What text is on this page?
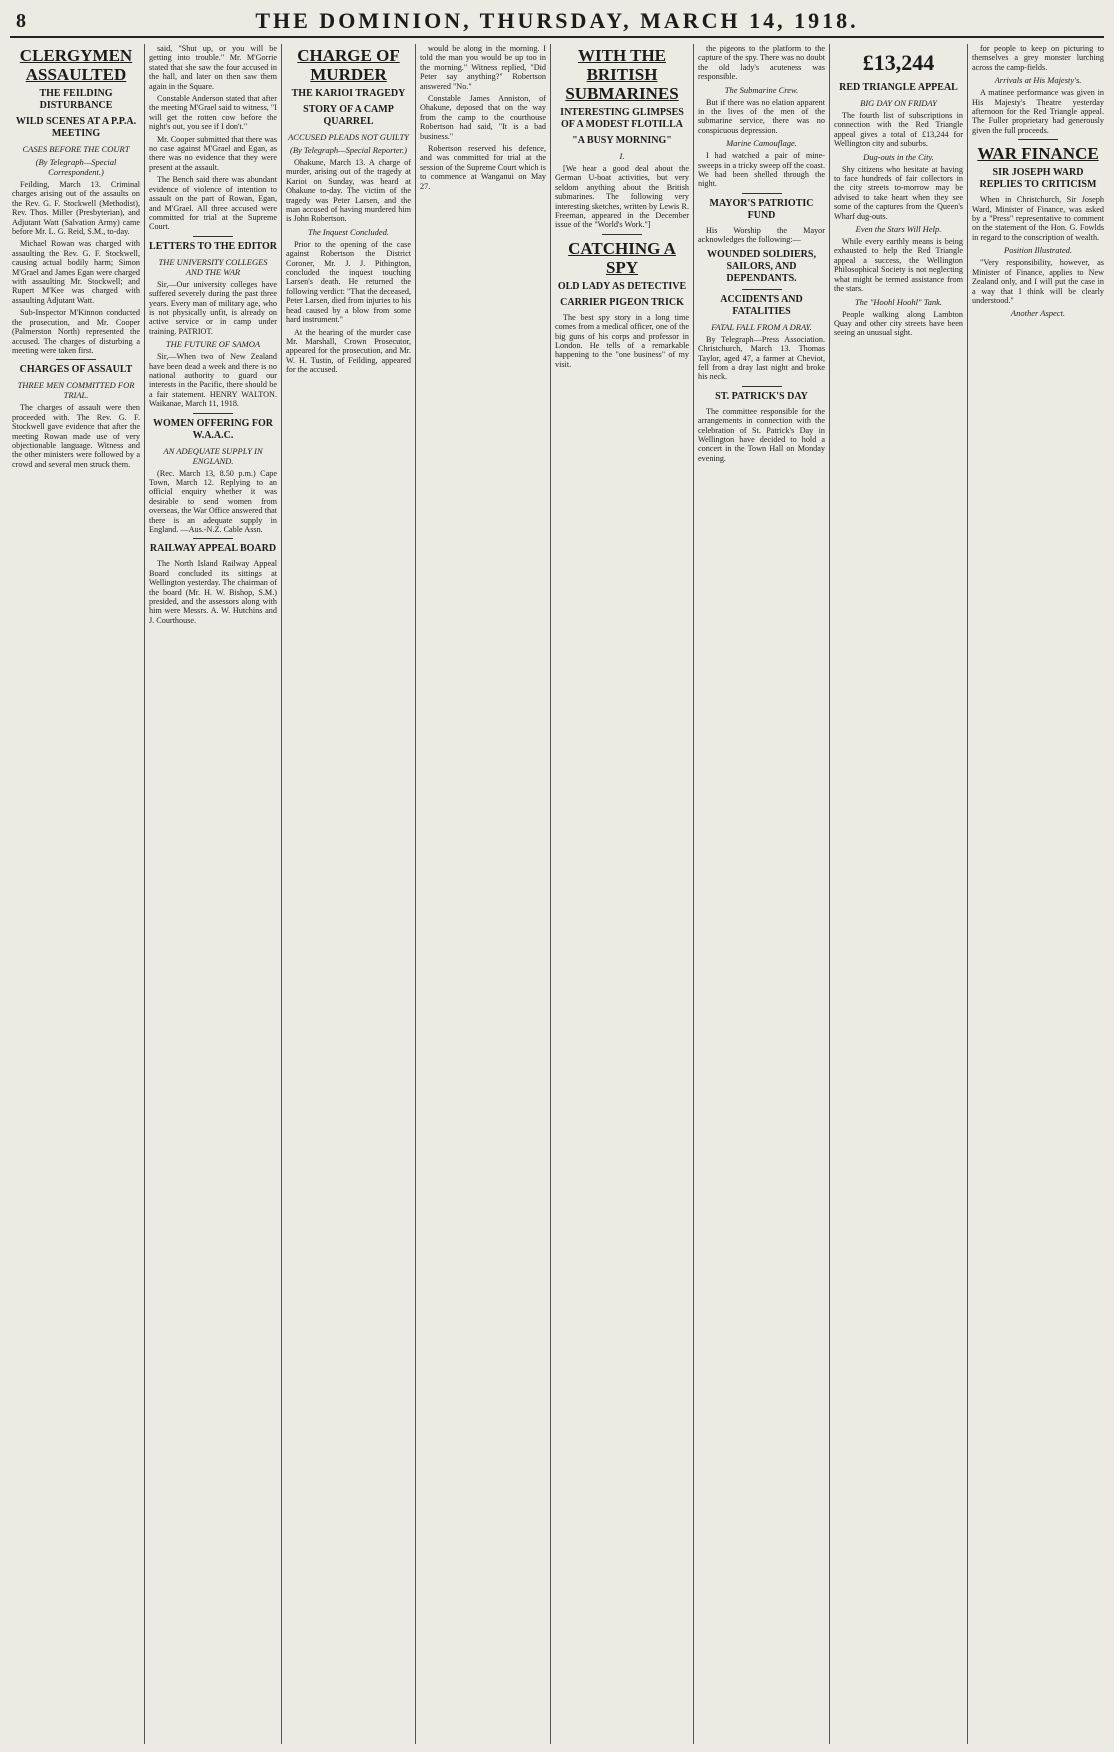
8	THE DOMINION, THURSDAY, MARCH 14, 1918.
CLERGYMEN ASSAULTED
THE FEILDING DISTURBANCE
WILD SCENES AT A P.P.A. MEETING
CASES BEFORE THE COURT
(By Telegraph—Special Correspondent.)

Feilding, March 13. Criminal charges arising out of the assaults on the Rev. G. F. Stockwell (Methodist), Rev. Thos. Miller (Presbyterian), and Adjutant Watt (Salvation Army) came before Mr. L. G. Reid, S.M., to-day.

Michael Rowan was charged with assaulting the Rev. G. F. Stockwell, causing actual bodily harm; Simon M'Grael and James Egan were charged with assaulting Mr. Stockwell; and Rupert M'Kee was charged with assaulting Adjutant Watt.

Sub-Inspector M'Kinnon conducted the prosecution, and Mr. Cooper (Palmerston North) represented the accused. The charges of disturbing a meeting were taken first.

CHARGES OF ASSAULT
THREE MEN COMMITTED FOR TRIAL.

The charges of assault were then proceeded with. The Rev. G. F. Stockwell gave evidence that after the meeting Rowan made use of very objectionable language. Witness and the other ministers were followed by a crowd and several men struck them.

said, "Shut up, or you will be getting into trouble." Mr. M'Gorrie stated that she saw the four accused in the hall, and later on then saw them again in the Square.

Constable Anderson stated that after the meeting M'Grael said to witness, "I will get the rotten cow before the night's out, you see if I don't."

Mr. Cooper submitted that there was no case against M'Grael and Egan, as there was no evidence that they were present at the assault.

The Bench said there was abundant evidence of violence of intention to assault on the part of Rowan, Egan, and M'Grael. All three accused were committed for trial at the Supreme Court.

LETTERS TO THE EDITOR
THE UNIVERSITY COLLEGES AND THE WAR

Sir,—Our university colleges have suffered severely during the past three years. Every man of military age, who is not physically unfit, is already on active service or in camp under training. PATRIOT.

THE FUTURE OF SAMOA

Sir,—When two of New Zealand have been dead a week and there is no national authority to guard our interests in the Pacific, there should be a fair statement. HENRY WALTON. Waikanae, March 11, 1918.

WOMEN OFFERING FOR W.A.A.C.
AN ADEQUATE SUPPLY IN ENGLAND.

(Rec. March 13, 8.50 p.m.) Cape Town, March 12. Replying to an official enquiry whether it was desirable to send women from overseas, the War Office answered that there is an adequate supply in England. —Aus.-N.Z. Cable Assn.

RAILWAY APPEAL BOARD

The North Island Railway Appeal Board concluded its sittings at Wellington yesterday. The chairman of the board (Mr. H. W. Bishop, S.M.) presided, and the assessors along with him were Messrs. A. W. Hutchins and J. Courthouse.

CHARGE OF MURDER
THE KARIOI TRAGEDY
STORY OF A CAMP QUARREL
ACCUSED PLEADS NOT GUILTY
(By Telegraph—Special Reporter.)

Ohakune, March 13. A charge of murder, arising out of the tragedy at Karioi on Sunday, was heard at Ohakune to-day. The victim of the tragedy was Peter Larsen, and the man accused of having murdered him is John Robertson.

The Inquest Concluded.

Prior to the opening of the case against Robertson the District Coroner, Mr. J. J. Pithington, concluded the inquest touching Larsen's death. He returned the following verdict: "That the deceased, Peter Larsen, died from injuries to his head caused by a blow from some hard instrument."

At the hearing of the murder case Mr. Marshall, Crown Prosecutor, appeared for the prosecution, and Mr. W. H. Tustin, of Feilding, appeared for the accused.

would be along in the morning. I told the man you would be up too in the morning." Witness replied, "Did Peter say anything?" Robertson answered "No."

Constable James Anniston, of Ohakune, deposed that on the way from the camp to the courthouse Robertson had said, "It is a bad business."

Robertson reserved his defence, and was committed for trial at the session of the Supreme Court which is to commence at Wanganui on May 27.

WITH THE BRITISH SUBMARINES
INTERESTING GLIMPSES OF A MODEST FLOTILLA
"A BUSY MORNING"
I.

[We hear a good deal about the German U-boat activities, but very seldom anything about the British submarines. The following very interesting sketches, written by Lewis R. Freeman, appeared in the December issue of the "World's Work."]

CATCHING A SPY
OLD LADY AS DETECTIVE
CARRIER PIGEON TRICK

The best spy story in a long time comes from a medical officer, one of the big guns of his corps and professor in London. He tells of a remarkable happening to the "one business" of my visit.

the pigeons to the platform to the capture of the spy. There was no doubt the old lady's acuteness was responsible.

The Submarine Crew.

But if there was no elation apparent in the lives of the men of the submarine service, there was no conspicuous depression.

Marine Camouflage.

I had watched a pair of mine-sweeps in a tricky sweep off the coast. We had been shelled through the night.

MAYOR'S PATRIOTIC FUND

His Worship the Mayor acknowledges the following:—

WOUNDED SOLDIERS, SAILORS, AND DEPENDANTS.
ACCIDENTS AND FATALITIES
FATAL FALL FROM A DRAY.

By Telegraph—Press Association. Christchurch, March 13. Thomas Taylor, aged 47, a farmer at Cheviot, fell from a dray last night and broke his neck.

ST. PATRICK'S DAY

The committee responsible for the arrangements in connection with the celebration of St. Patrick's Day in Wellington have decided to hold a concert in the Town Hall on Monday evening.

£13,244
RED TRIANGLE APPEAL
BIG DAY ON FRIDAY

The fourth list of subscriptions in connection with the Red Triangle appeal gives a total of £13,244 for Wellington city and suburbs.

Dug-outs in the City.

Shy citizens who hesitate at having to face hundreds of fair collectors in the city streets to-morrow may be advised to take heart when they see some of the captures from the Queen's Wharf dug-outs.

Even the Stars Will Help.

While every earthly means is being exhausted to help the Red Triangle appeal a success, the Wellington Philosophical Society is not neglecting what might be termed assistance from the stars.

The "Hoohl Hoohl" Tank.

People walking along Lambton Quay and other city streets have been seeing an unusual sight.

for people to keep on picturing to themselves a grey monster lurching across the camp-fields.

Arrivals at His Majesty's.

A matinee performance was given in His Majesty's Theatre yesterday afternoon for the Red Triangle appeal. The Fuller proprietary had generously given the full proceeds.

WAR FINANCE
SIR JOSEPH WARD REPLIES TO CRITICISM

When in Christchurch, Sir Joseph Ward, Minister of Finance, was asked by a "Press" representative to comment on the statement of the Hon. G. Fowlds in regard to the conscription of wealth.

Position Illustrated.

"Very responsibility, however, as Minister of Finance, applies to New Zealand only, and I will put the case in a way that I think will be clearly understood."

Another Aspect.
